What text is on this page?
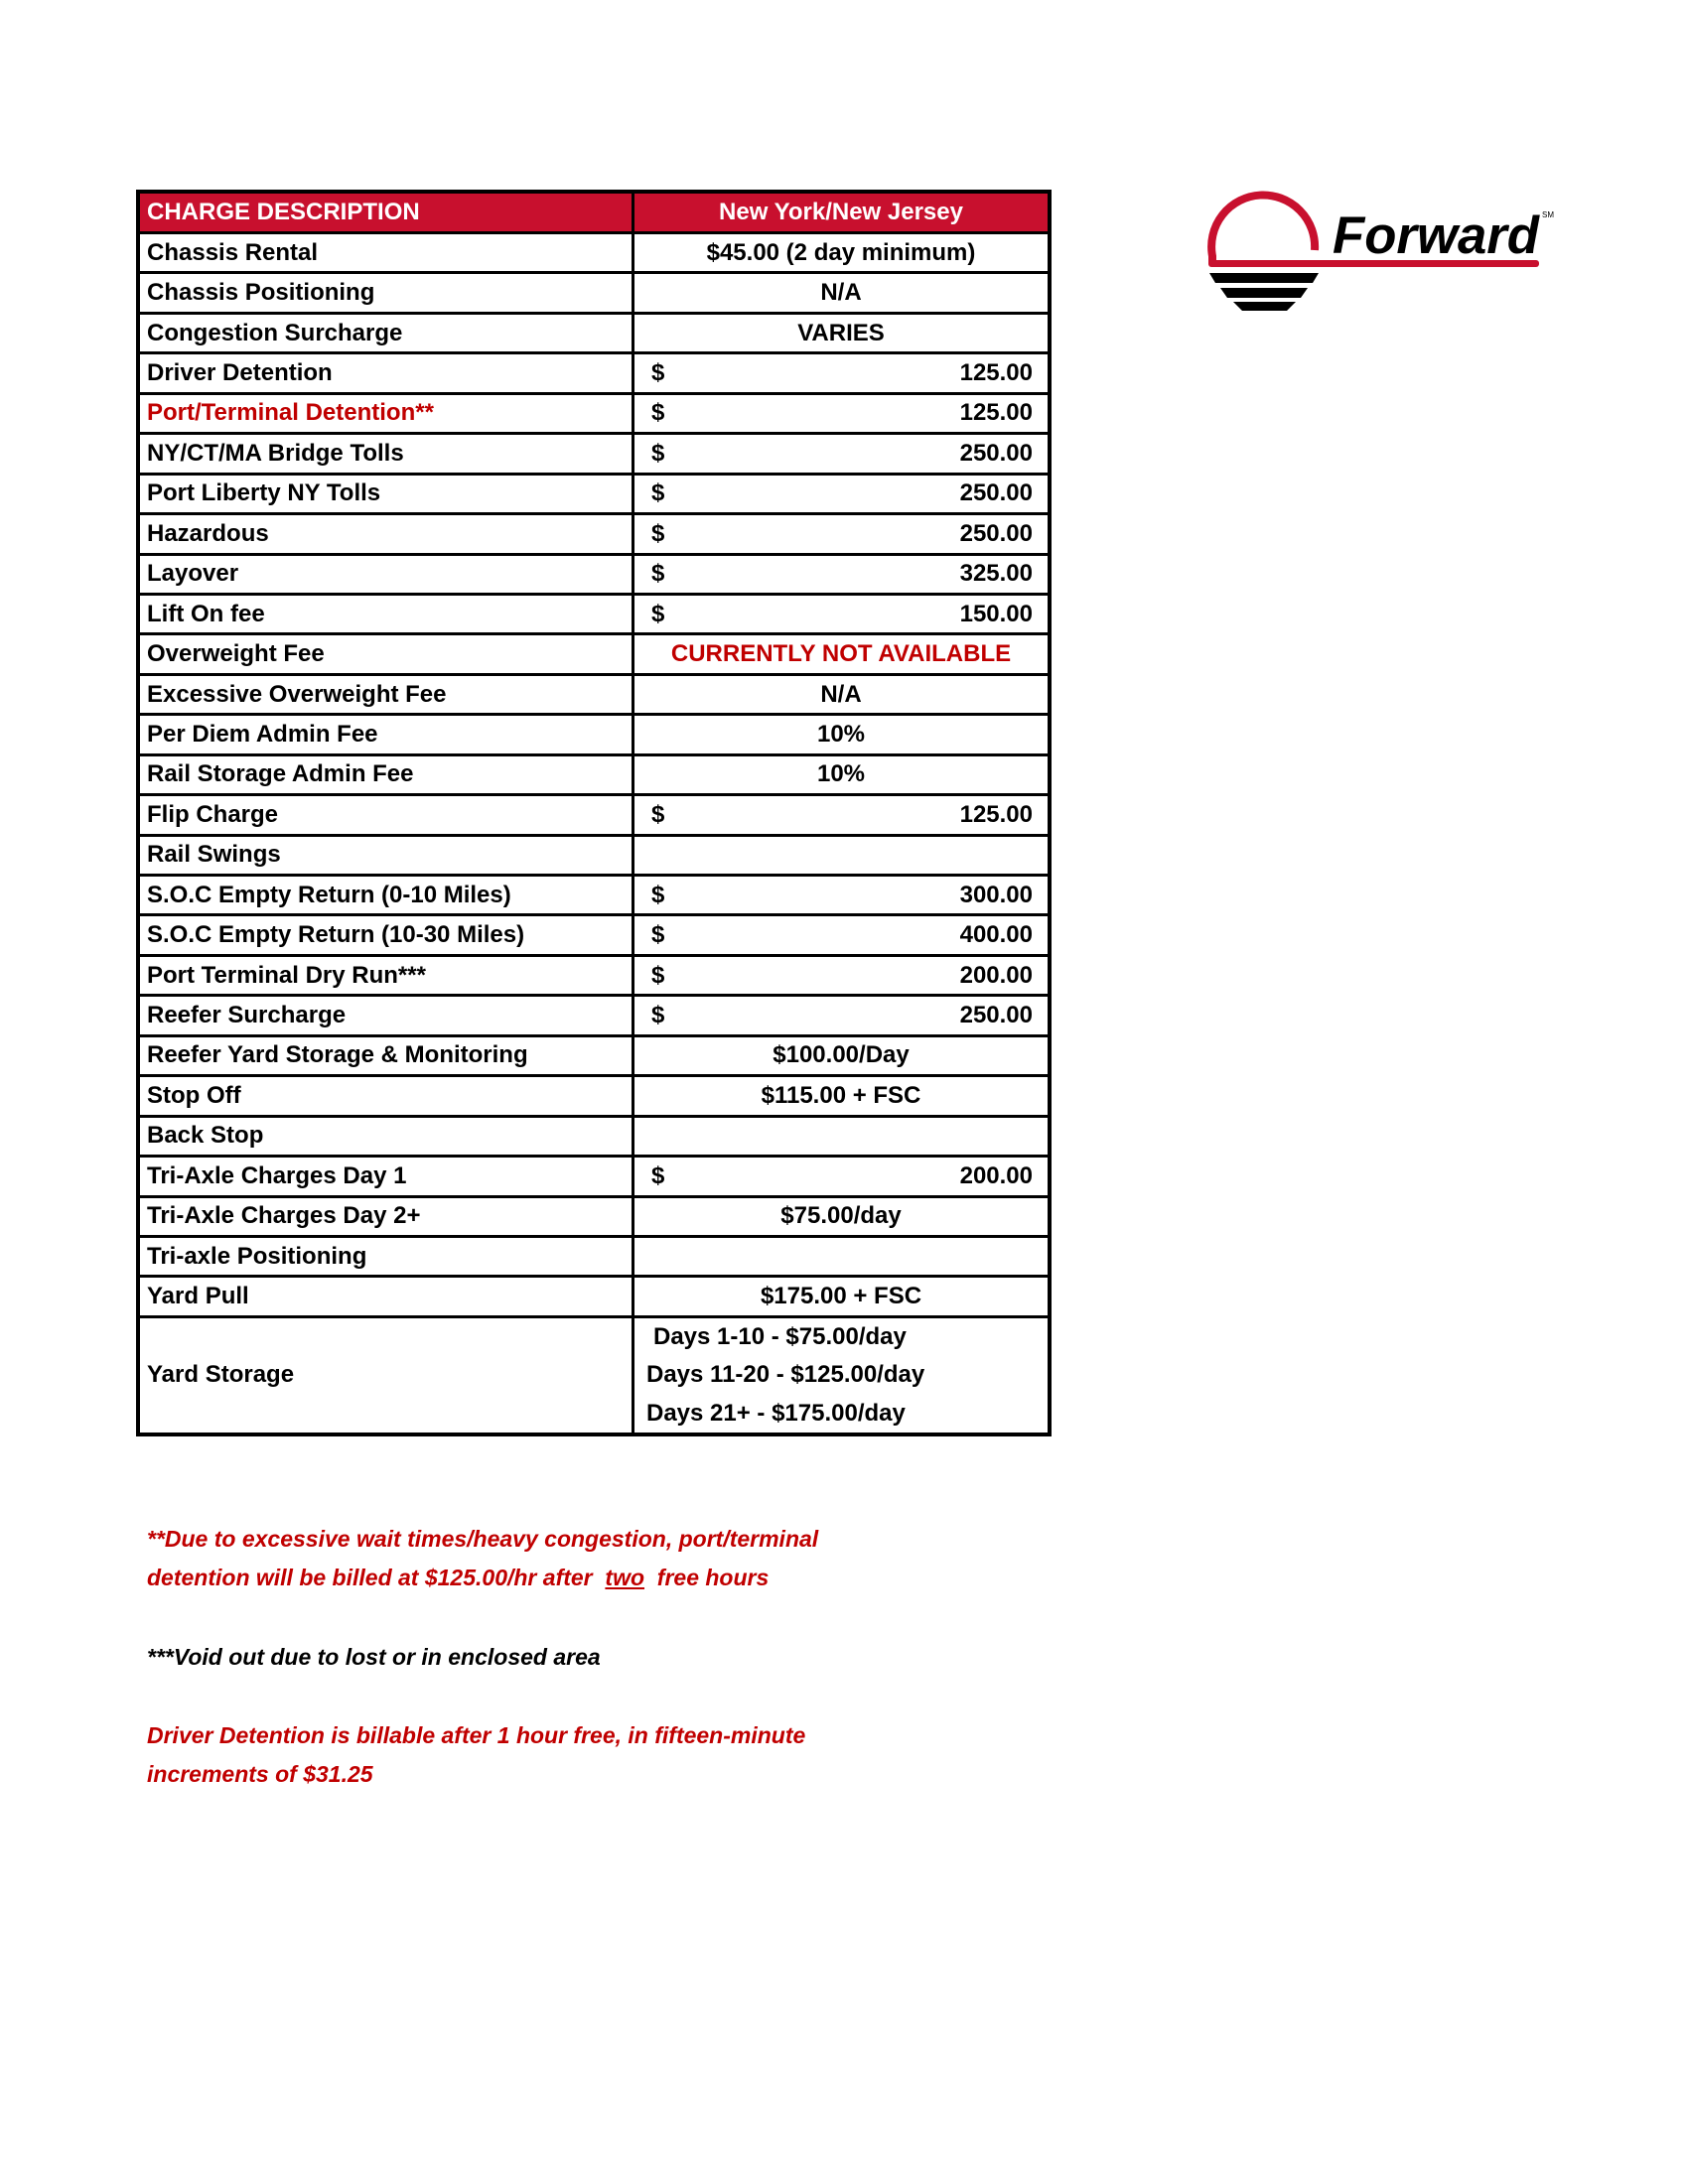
Forward SM
CHARGE DESCRIPTION	New York/New Jersey
Chassis Rental	$45.00 (2 day minimum)
Chassis Positioning	N/A
Congestion Surcharge	VARIES
Driver Detention	$	125.00
Port/Terminal Detention**	$	125.00
NY/CT/MA Bridge Tolls	$	250.00
Port Liberty NY Tolls	$	250.00
Hazardous	$	250.00
Layover	$	325.00
Lift On fee	$	150.00
Overweight Fee	CURRENTLY NOT AVAILABLE
Excessive Overweight Fee	N/A
Per Diem Admin Fee	10%
Rail Storage Admin Fee	10%
Flip Charge	$	125.00
Rail Swings
S.O.C Empty Return (0-10 Miles)	$	300.00
S.O.C Empty Return (10-30 Miles)	$	400.00
Port Terminal Dry Run***	$	200.00
Reefer Surcharge	$	250.00
Reefer Yard Storage & Monitoring	$100.00/Day
Stop Off	$115.00 + FSC
Back Stop
Tri-Axle Charges Day 1	$	200.00
Tri-Axle Charges Day 2+	$75.00/day
Tri-axle Positioning
Yard Pull	$175.00 + FSC
Yard Storage
Days 1-10 - $75.00/day
Days 11-20 - $125.00/day
Days 21+ - $175.00/day
**Due to excessive wait times/heavy congestion, port/terminal
detention will be billed at $125.00/hr after  two  free hours
***Void out due to lost or in enclosed area
Driver Detention is billable after 1 hour free, in fifteen-minute
increments of $31.25
